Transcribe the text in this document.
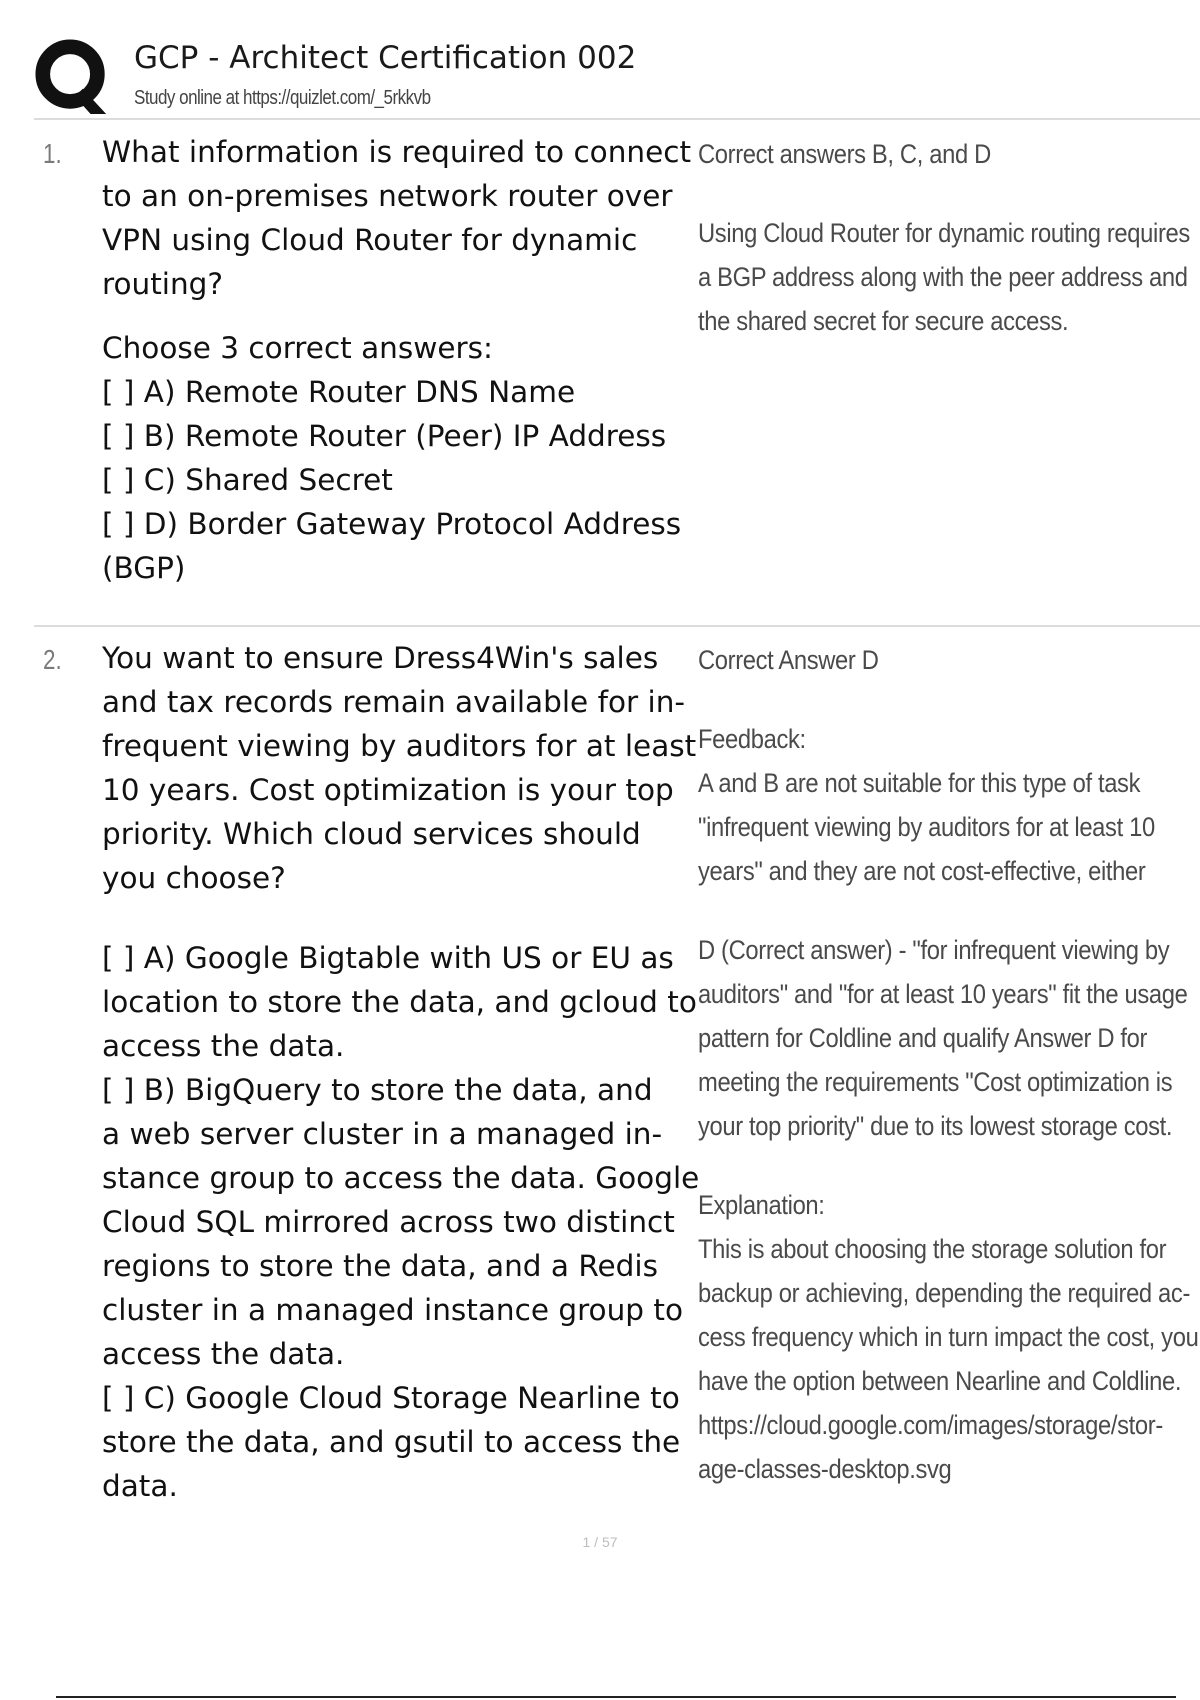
GCP - Architect Certification 002
Study online at https://quizlet.com/_5rkkvb
1. What information is required to connect

to an on-premises network router over

VPN using Cloud Router for dynamic

routing?

Choose 3 correct answers:

[ ] A) Remote Router DNS Name

[ ] B) Remote Router (Peer) IP Address

[ ] C) Shared Secret

[ ] D) Border Gateway Protocol Address

(BGP)

Correct answers B, C, and D

Using Cloud Router for dynamic routing requires

a BGP address along with the peer address and

the shared secret for secure access.

2. You want to ensure Dress4Win's sales

and tax records remain available for in-

frequent viewing by auditors for at least

10 years. Cost optimization is your top

priority. Which cloud services should

you choose?

[ ] A) Google Bigtable with US or EU as

location to store the data, and gcloud to

access the data.

[ ] B) BigQuery to store the data, and

a web server cluster in a managed in-

stance group to access the data. Google

Cloud SQL mirrored across two distinct

regions to store the data, and a Redis

cluster in a managed instance group to

access the data.

[ ] C) Google Cloud Storage Nearline to

store the data, and gsutil to access the

data.

Correct Answer D

Feedback:

A and B are not suitable for this type of task

"infrequent viewing by auditors for at least 10

years" and they are not cost-effective, either

D (Correct answer) - "for infrequent viewing by

auditors" and "for at least 10 years" fit the usage

pattern for Coldline and qualify Answer D for

meeting the requirements "Cost optimization is

your top priority" due to its lowest storage cost.

Explanation:

This is about choosing the storage solution for

backup or achieving, depending the required ac-

cess frequency which in turn impact the cost, you

have the option between Nearline and Coldline.

https://cloud.google.com/images/storage/stor-

age-classes-desktop.svg

1 / 57
